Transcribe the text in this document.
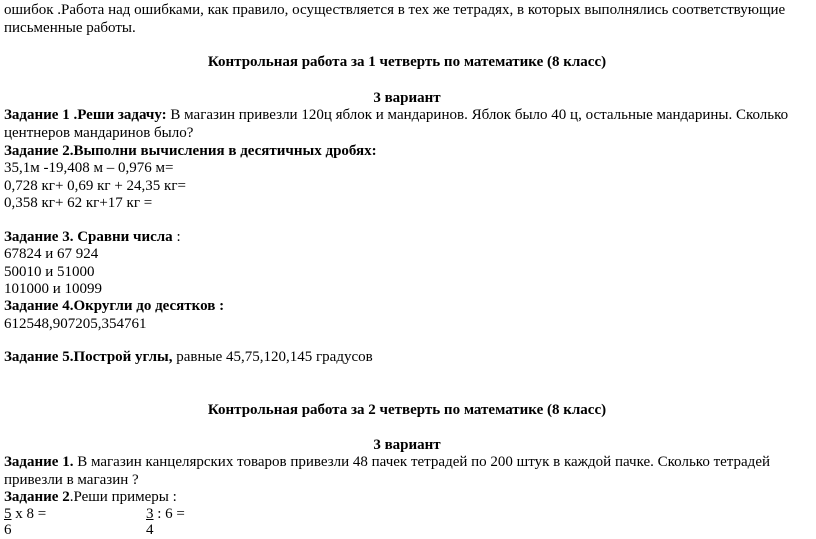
ошибок .Работа над ошибками, как правило, осуществляется в тех же тетрадях, в которых выполнялись соответствующие
письменные работы.
Контрольная работа за 1 четверть по математике (8 класс)
3 вариант
Задание 1 .Реши задачу: В магазин привезли 120ц яблок и мандаринов. Яблок было 40 ц, остальные мандарины. Сколько
центнеров мандаринов было?
Задание 2.Выполни вычисления в десятичных дробях:
35,1м -19,408 м – 0,976 м=
0,728 кг+ 0,69 кг + 24,35 кг=
0,358 кг+ 62 кг+17 кг =
Задание 3. Сравни числа :
67824 и 67 924
50010 и 51000
101000 и 10099
Задание 4.Округли до десятков :
612548,907205,354761
Задание 5.Построй углы, равные 45,75,120,145 градусов
Контрольная работа за 2 четверть по математике (8 класс)
3 вариант
Задание 1. В магазин канцелярских товаров привезли 48 пачек тетрадей по 200 штук в каждой пачке. Сколько тетрадей
привезли в магазин ?
Задание 2.Реши примеры :
5 х 8 =	3 : 6 =
6	4
